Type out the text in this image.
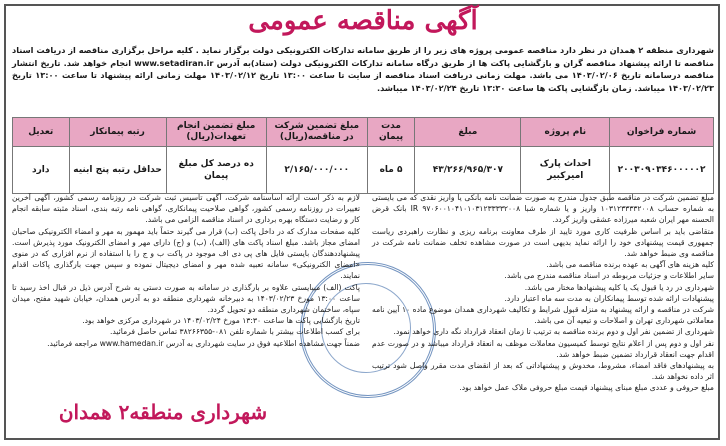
آگهی مناقصه عمومی
شهرداری منطقه ۲ همدان در نظر دارد مناقصه عمومی پروژه های زیر را از طریق سامانه تدارکات الکترونیکی دولت برگزار نماید . کلیه مراحل برگزاری مناقصه از دریافت اسناد مناقصه تا ارائه پیشنهاد مناقصه گران و بازگشایی پاکت ها از طریق درگاه سامانه تدارکات الکترونیکی دولت (ستاد)به آدرس www.setadiran.ir انجام خواهد شد. تاریخ انتشار مناقصه درسامانه تاریخ ۱۴۰۳/۰۲/۰۶ می باشد. مهلت زمانی دریافت اسناد مناقصه از سایت تا ساعت ۱۳:۰۰ تاریخ ۱۴۰۳/۰۲/۱۲ مهلت زمانی ارائه پیشنهاد تا ساعت ۱۳:۰۰ تاریخ ۱۴۰۳/۰۲/۲۳ میباشد. زمان بازگشایی پاکت ها ساعت ۱۳:۳۰ تاریخ ۱۴۰۳/۰۲/۲۴ میباشد.
شماره فراخوان	نام پروژه	مبلغ	مدت پیمان	مبلغ تضمین شرکت در مناقصه(ریال)	مبلغ تضمین انجام تعهدات(ریال)	رتبه پیمانکار	تعدیل
۲۰۰۳۰۹۰۳۴۶۰۰۰۰۰۲	احداث پارک امیرکبیر	۴۳/۲۶۶/۹۶۵/۳۰۷	۵ ماه	۲/۱۶۵/۰۰۰/۰۰۰	ده درصد کل مبلغ پیمان	حداقل رتبه پنج ابنیه	دارد

مبلغ تضمین شرکت در مناقصه طبق جدول مندرج به صورت ضمانت نامه بانکی یا واریز نقدی که می بایستی به شماره حساب ۱۰۳۱۲۳۳۳۳۲۰۰۸ واریز و یا شماره شبا IR ۹۷۰۶۰۰۱۰۴۱۰۱۰۳۱۲۳۳۳۳۲۰۰۸ بانک قرض الحسنه مهر ایران شعبه میرزاده عشقی واریز گردد.

متقاضی باید بر اساس ظرفیت کاری مورد تایید از طرف معاونت برنامه ریزی و نظارت راهبردی ریاست جمهوری قیمت پیشنهادی خود را ارائه نماید بدیهی است در صورت مشاهده تخلف ضمانت نامه شرکت در مناقصه وی ضبط خواهد شد.

کلیه هزینه های آگهی به عهده برنده مناقصه می باشد.

سایر اطلاعات و جزئیات مربوطه در اسناد مناقصه مندرج می باشد.

شهرداری در رد یا قبول یک یا کلیه پیشنهادها مختار می باشد.

پیشنهادات ارائه شده توسط پیمانکاران به مدت سه ماه اعتبار دارد.

شرکت در مناقصه و ارائه پیشنهاد به منزله قبول شرایط و تکالیف شهرداری همدان موضوع ماده ۱۰ آیین نامه معاملاتی شهرداری تهران و اصلاحات و تبعیه آن می باشد.

شهرداری از تضمین نفر اول و دوم برنده مناقصه به ترتیب تا زمان انعقاد قرارداد نگه داری خواهد نمود.

نفر اول و دوم پس از اعلام نتایج توسط کمیسیون معاملات موظف به انعقاد قرارداد میباشد و در صورت عدم اقدام جهت انعقاد قرارداد تضمین ضبط خواهد شد.

به پیشنهادهای فاقد امضاء، مشروط، مخدوش و پیشنهاداتی که بعد از انقضای مدت مقرر واصل شود ترتیب اثر داده نخواهد شد.

مبلغ حروفی و عددی مبلغ مبنای پیشنهاد قیمت مبلغ حروفی ملاک عمل خواهد بود.

لازم به ذکر است ارائه اساسنامه شرکت، آگهی تاسیس ثبت شرکت در روزنامه رسمی کشور، آگهی آخرین تغییرات در روزنامه رسمی کشور، گواهی صلاحیت پیمانکاری، گواهی نامه رتبه بندی، اسناد مثبته سابقه انجام کار و رضایت دستگاه بهره برداری در اسناد مناقصه الزامی می باشد.

کلیه صفحات مدارک که در داخل پاکت (ب) قرار می گیرند حتماً باید مهمور به مهر و امضاء الکترونیکی صاحبان امضای مجاز باشد. مبلغ اسناد پاکت های (الف)، (ب) و (ج) دارای مهر و امضای الکترونیک مورد پذیرش است. پیشنهاددهندگان بایستی فایل های پی دی اف موجود در پاکت ب و ج را با استفاده از نرم افزاری که در منوی «امضای الکترونیکی» سامانه تعبیه شده مهر و امضای دیجیتال نموده و سپس جهت بارگذاری پاکات اقدام نمایند.

پاکت (الف) میبایستی علاوه بر بارگذاری در سامانه به صورت دستی به شرح آدرس ذیل در قبال اخذ رسید تا ساعت ۱۳:۰۰ مورخ ۱۴۰۳/۰۲/۲۳ به دبیرخانه شهرداری منطقه دو به آدرس همدان، خیابان شهید مفتح، میدان سپاه، ساختمان شهرداری منطقه دو تحویل گردد.

تاریخ بازگشایی پاکت ها ساعت ۱۳:۳۰ مورخ ۱۴۰۳/۰۲/۲۴ در شهرداری مرکزی خواهد بود.

برای کسب اطلاعات بیشتر با شماره تلفن ۰۸۱-۳۸۲۶۶۳۵۵ تماس حاصل فرمائید.

ضمناً جهت مشاهده اطلاعیه فوق در سایت شهرداری به آدرس www.hamedan.ir مراجعه فرمائید.

شهرداری منطقه۲ همدان
